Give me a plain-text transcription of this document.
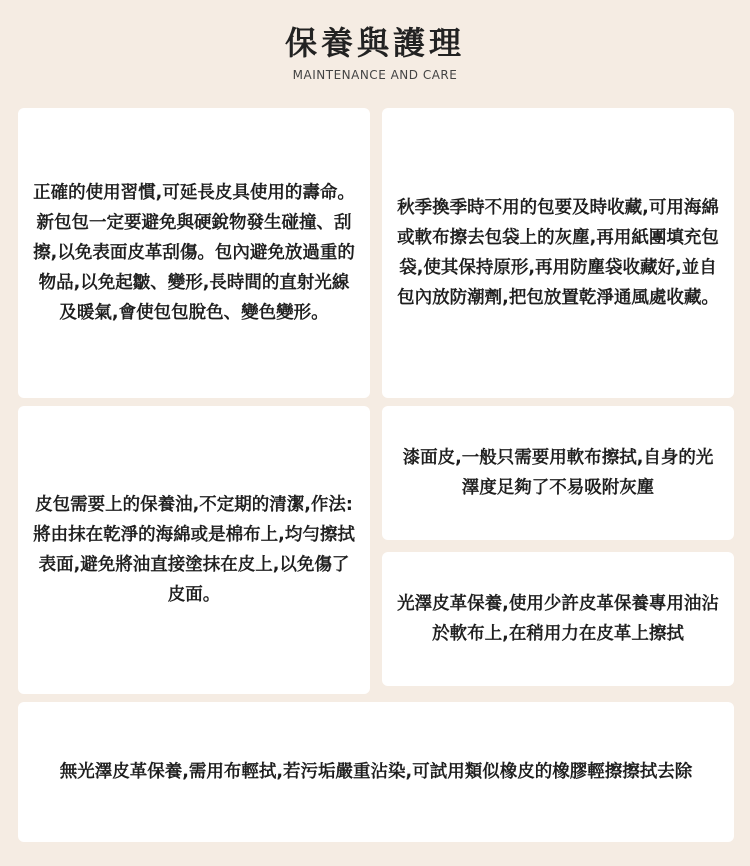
保養與護理
MAINTENANCE AND CARE

正確的使用習慣,可延長皮具使用的壽命。新包包一定要避免與硬銳物發生碰撞、刮擦,以免表面皮革刮傷。包內避免放過重的物品,以免起皺、變形,長時間的直射光線及暖氣,會使包包脫色、變色變形。

秋季換季時不用的包要及時收藏,可用海綿或軟布擦去包袋上的灰塵,再用紙團填充包袋,使其保持原形,再用防塵袋收藏好,並自包內放防潮劑,把包放置乾淨通風處收藏。

皮包需要上的保養油,不定期的清潔,作法:將由抹在乾淨的海綿或是棉布上,均勻擦拭表面,避免將油直接塗抹在皮上,以免傷了皮面。

漆面皮,一般只需要用軟布擦拭,自身的光澤度足夠了不易吸附灰塵

光澤皮革保養,使用少許皮革保養專用油沾於軟布上,在稍用力在皮革上擦拭

無光澤皮革保養,需用布輕拭,若污垢嚴重沾染,可試用類似橡皮的橡膠輕擦擦拭去除
